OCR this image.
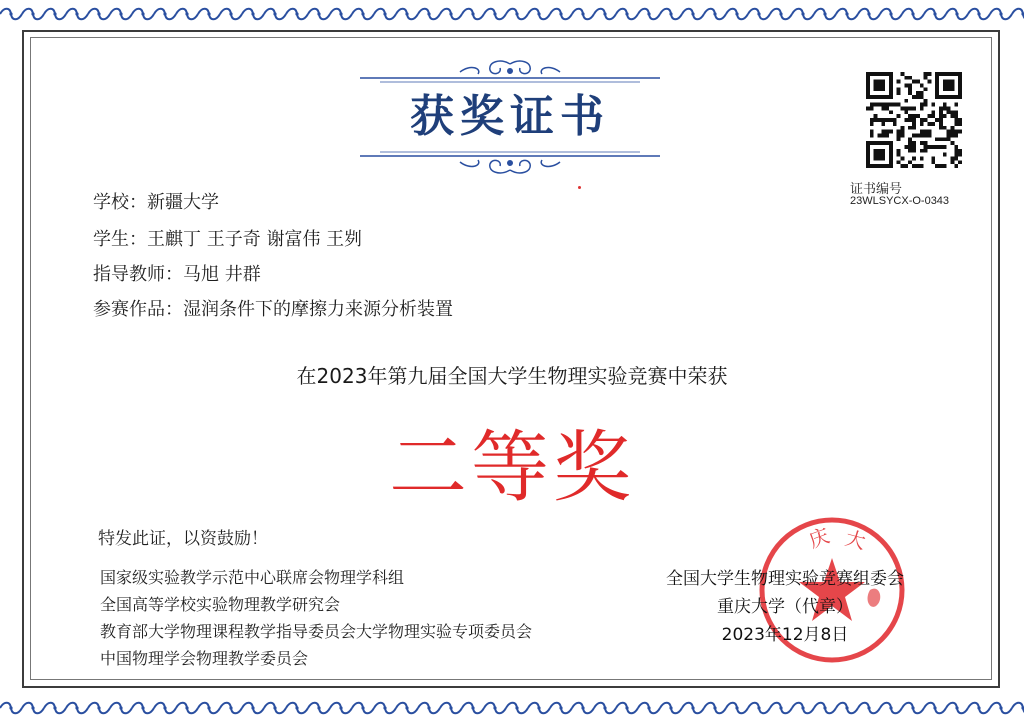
获奖证书
证书编号
23WLSYCX-O-0343
学校：新疆大学
学生：王麒丁 王子奇 谢富伟 王刿
指导教师：马旭 井群
参赛作品：湿润条件下的摩擦力来源分析装置
在2023年第九届全国大学生物理实验竞赛中荣获
二等奖
特发此证，以资鼓励！
国家级实验教学示范中心联席会物理学科组
全国高等学校实验物理教学研究会
教育部大学物理课程教学指导委员会大学物理实验专项委员会
中国物理学会物理教学委员会
庆 大
全国大学生物理实验竞赛组委会
重庆大学（代章）
2023年12月8日
